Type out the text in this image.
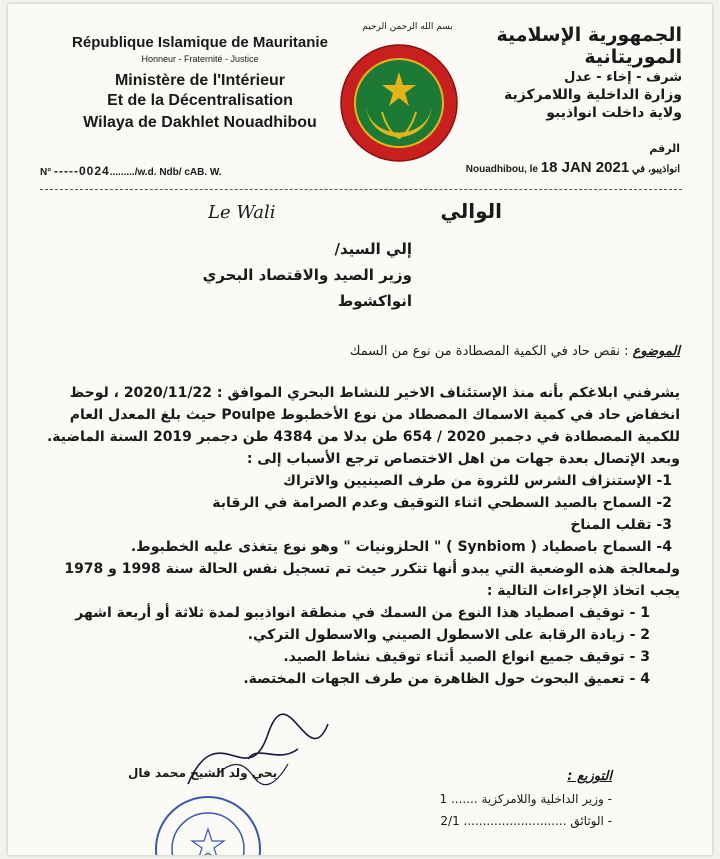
République Islamique de Mauritanie
Honneur - Fraternité - Justice
Ministère de l'Intérieur
Et de la Décentralisation
Wilaya de Dakhlet Nouadhibou
بسم الله الرحمن الرحيم	الجمهورية الإسلامية الموريتانية
شرف - إخاء - عدل
وزارة الداخلية واللامركزية
ولاية داخلت انواذيبو
N° -----0024........./w.d. Ndb/ cAB. W.
الرقم
Nouadhibou, le 18 JAN 2021 انواذيبو، في
Le Wali	الوالي
إلي السيد/
وزير الصيد والاقتصاد البحري
انواكشوط
الموضوع : نقص حاد في الكمية المصطادة من نوع من السمك

يشرفني ابلاغكم بأنه منذ الإستئناف الاخير للنشاط البحري الموافق : 2020/11/22 ، لوحظ انخفاض حاد في كمية الاسماك المصطاد من نوع الأخطبوط Poulpe حيث بلغ المعدل العام للكمية المصطادة في دجمبر 2020 / 654 طن بدلا من 4384 طن دجمبر 2019 السنة الماضية.

وبعد الإتصال بعدة جهات من اهل الاختصاص ترجع الأسباب إلى :

1- الإستنزاف الشرس للثروة من طرف الصينيين والاتراك

2- السماح بالصيد السطحي اثناء التوقيف وعدم الصرامة في الرقابة

3- تقلب المناخ

4- السماح باصطياد ( Synbiom ) " الحلزونيات " وهو نوع يتغذى عليه الخطبوط.

ولمعالجة هذه الوضعية التي يبدو أنها تتكرر حيث تم تسجيل نفس الحالة سنة 1998 و 1978 يجب اتخاذ الإجراءات التالية :

1 - توقيف اصطياد هذا النوع من السمك في منطقة انواذيبو لمدة ثلاثة أو أربعة اشهر

2 - زيادة الرقابة على الاسطول الصيني والاسطول التركي.

3 - توقيف جميع انواع الصيد أثناء توقيف نشاط الصيد.

4 - تعميق البحوث حول الظاهرة من طرف الجهات المختصة.

يحي ولد الشيخ محمد فال	التوزيع :
- وزير الداخلية واللامركزية ....... 1
- الوثائق ........................... 2/1
